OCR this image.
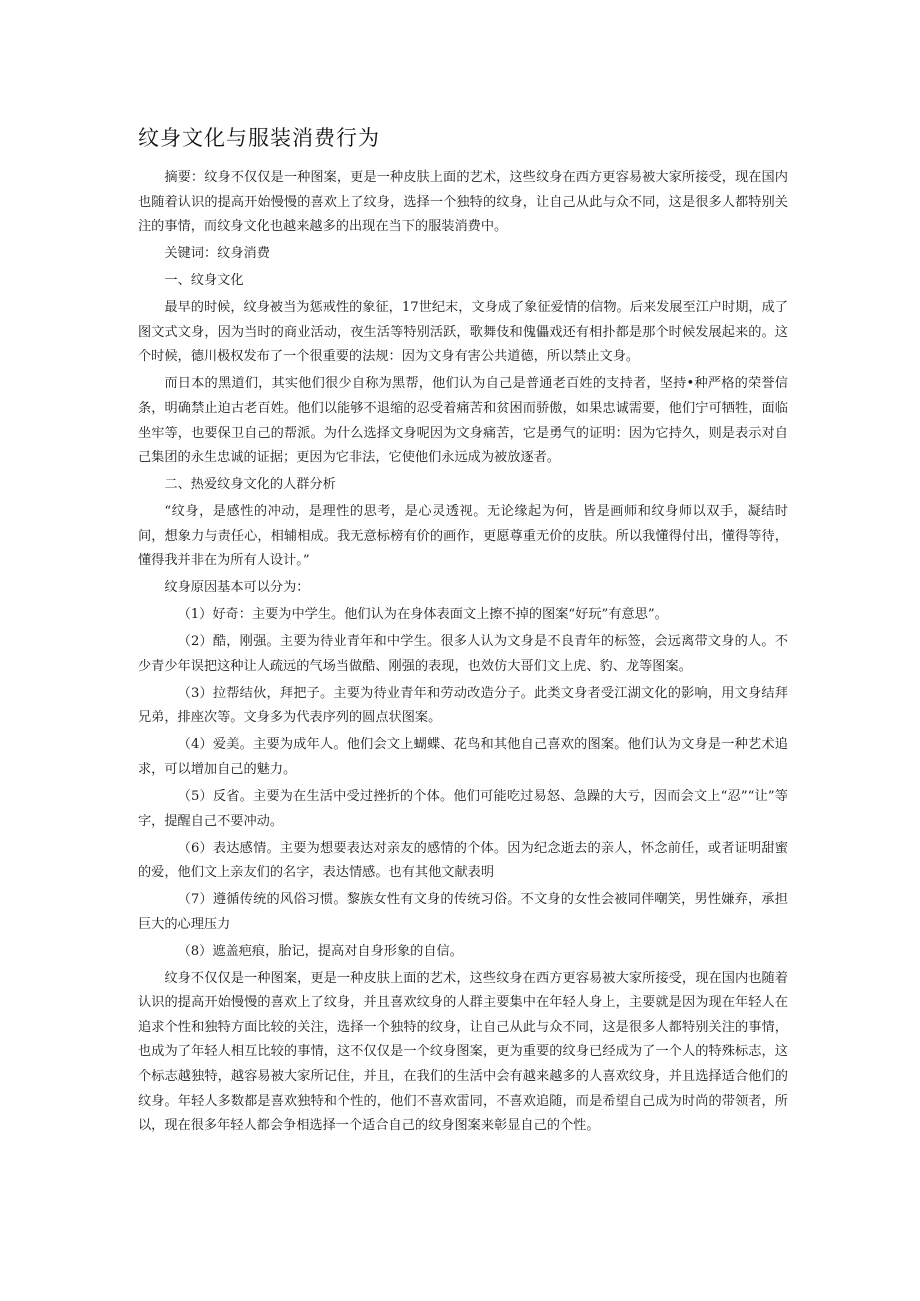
纹身文化与服装消费行为

摘要：纹身不仅仅是一种图案，更是一种皮肤上面的艺术，这些纹身在西方更容易被大家所接受，现在国内也随着认识的提高开始慢慢的喜欢上了纹身，选择一个独特的纹身，让自己从此与众不同，这是很多人都特别关注的事情，而纹身文化也越来越多的出现在当下的服装消费中。

关键词：纹身消费

一、纹身文化

最早的时候，纹身被当为惩戒性的象征，17世纪末，文身成了象征爱情的信物。后来发展至江户时期，成了图文式文身，因为当时的商业活动，夜生活等特别活跃，歌舞伎和傀儡戏还有相扑都是那个时候发展起来的。这个时候，德川极权发布了一个很重要的法规：因为文身有害公共道德，所以禁止文身。

而日本的黑道们，其实他们很少自称为黑帮，他们认为自己是普通老百姓的支持者，坚持•种严格的荣誉信条，明确禁止迫古老百姓。他们以能够不退缩的忍受着痛苦和贫困而骄傲，如果忠诚需要，他们宁可牺牲，面临坐牢等，也要保卫自己的帮派。为什么选择文身呢因为文身痛苦，它是勇气的证明：因为它持久，则是表示对自己集团的永生忠诚的证据；更因为它非法，它使他们永远成为被放逐者。

二、热爱纹身文化的人群分析

“纹身，是感性的冲动，是理性的思考，是心灵透视。无论缘起为何，皆是画师和纹身师以双手，凝结时间，想象力与责任心，相辅相成。我无意标榜有价的画作，更愿尊重无价的皮肤。所以我懂得付出，懂得等待，懂得我并非在为所有人设计。”

纹身原因基本可以分为：

（1）好奇：主要为中学生。他们认为在身体表面文上擦不掉的图案“好玩”有意思”。

（2）酷，刚强。主要为待业青年和中学生。很多人认为文身是不良青年的标签，会远离带文身的人。不少青少年误把这种让人疏远的气场当做酷、刚强的表现，也效仿大哥们文上虎、豹、龙等图案。

（3）拉帮结伙，拜把子。主要为待业青年和劳动改造分子。此类文身者受江湖文化的影响，用文身结拜兄弟，排座次等。文身多为代表序列的圆点状图案。

（4）爱美。主要为成年人。他们会文上蝴蝶、花鸟和其他自己喜欢的图案。他们认为文身是一种艺术追求，可以增加自己的魅力。

（5）反省。主要为在生活中受过挫折的个体。他们可能吃过易怒、急躁的大亏，因而会文上“忍”“让”等字，提醒自己不要冲动。

（6）表达感情。主要为想要表达对亲友的感情的个体。因为纪念逝去的亲人，怀念前任，或者证明甜蜜的爱，他们文上亲友们的名字，表达情感。也有其他文献表明

（7）遵循传统的风俗习惯。黎族女性有文身的传统习俗。不文身的女性会被同伴嘲笑，男性嫌弃，承担巨大的心理压力

（8）遮盖疤痕，胎记，提高对自身形象的自信。

纹身不仅仅是一种图案，更是一种皮肤上面的艺术，这些纹身在西方更容易被大家所接受，现在国内也随着认识的提高开始慢慢的喜欢上了纹身，并且喜欢纹身的人群主要集中在年轻人身上，主要就是因为现在年轻人在追求个性和独特方面比较的关注，选择一个独特的纹身，让自己从此与众不同，这是很多人都特别关注的事情，也成为了年轻人相互比较的事情，这不仅仅是一个纹身图案，更为重要的纹身已经成为了一个人的特殊标志，这个标志越独特，越容易被大家所记住，并且，在我们的生活中会有越来越多的人喜欢纹身，并且选择适合他们的纹身。年轻人多数都是喜欢独特和个性的，他们不喜欢雷同，不喜欢追随，而是希望自己成为时尚的带领者，所以，现在很多年轻人都会争相选择一个适合自己的纹身图案来彰显自己的个性。
